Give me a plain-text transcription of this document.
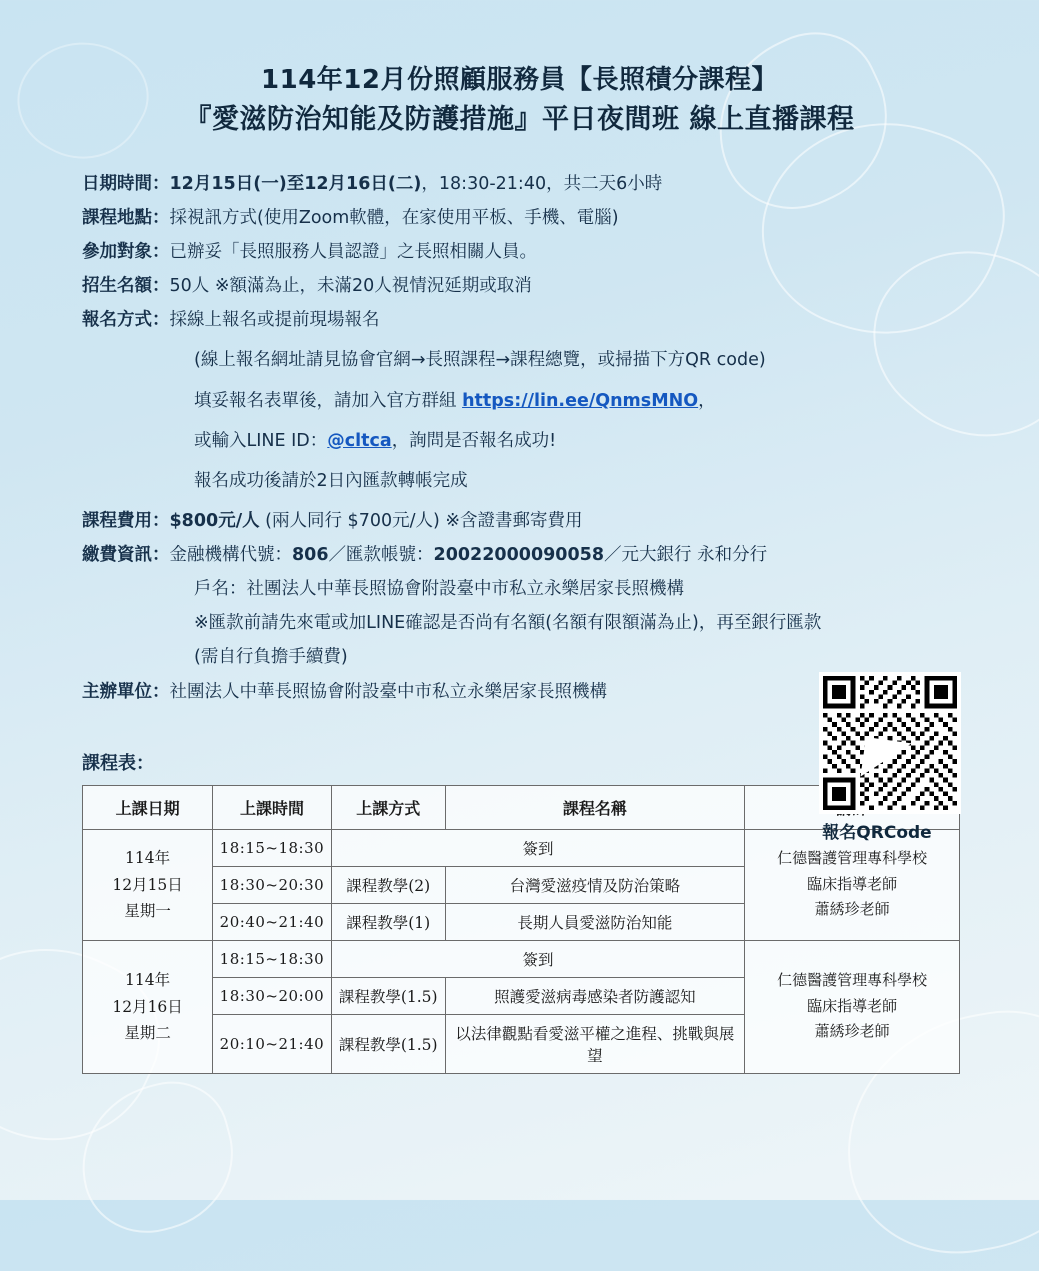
114年12月份照顧服務員【長照積分課程】
『愛滋防治知能及防護措施』平日夜間班 線上直播課程
日期時間：12月15日(一)至12月16日(二)，18:30-21:40，共二天6小時
課程地點：採視訊方式(使用Zoom軟體，在家使用平板、手機、電腦)
參加對象：已辦妥「長照服務人員認證」之長照相關人員。
招生名額：50人 ※額滿為止，未滿20人視情況延期或取消
報名方式：採線上報名或提前現場報名
(線上報名網址請見協會官網→長照課程→課程總覽，或掃描下方QR code)
填妥報名表單後，請加入官方群組 https://lin.ee/QnmsMNO，
或輸入LINE ID：@cltca，詢問是否報名成功!
報名成功後請於2日內匯款轉帳完成
課程費用：$800元/人 (兩人同行 $700元/人) ※含證書郵寄費用
繳費資訊：金融機構代號：806／匯款帳號：20022000090058／元大銀行 永和分行
戶名：社團法人中華長照協會附設臺中市私立永樂居家長照機構
※匯款前請先來電或加LINE確認是否尚有名額(名額有限額滿為止)，再至銀行匯款
(需自行負擔手續費)
主辦單位：社團法人中華長照協會附設臺中市私立永樂居家長照機構
報名QRCode
課程表：
上課日期	上課時間	上課方式	課程名稱	
114年
12月15日
星期一	18:15~18:30	簽到		仁德醫護管理專科學校
臨床指導老師
蕭綉珍老師
	18:30~20:30	課程教學(2)	台灣愛滋疫情及防治策略	
	20:40~21:40	課程教學(1)	長期人員愛滋防治知能	
114年
12月16日
星期二	18:15~18:30	簽到		仁德醫護管理專科學校
臨床指導老師
蕭綉珍老師
	18:30~20:00	課程教學(1.5)	照護愛滋病毒感染者防護認知	
	20:10~21:40	課程教學(1.5)	以法律觀點看愛滋平權之進程、挑戰與展望	
